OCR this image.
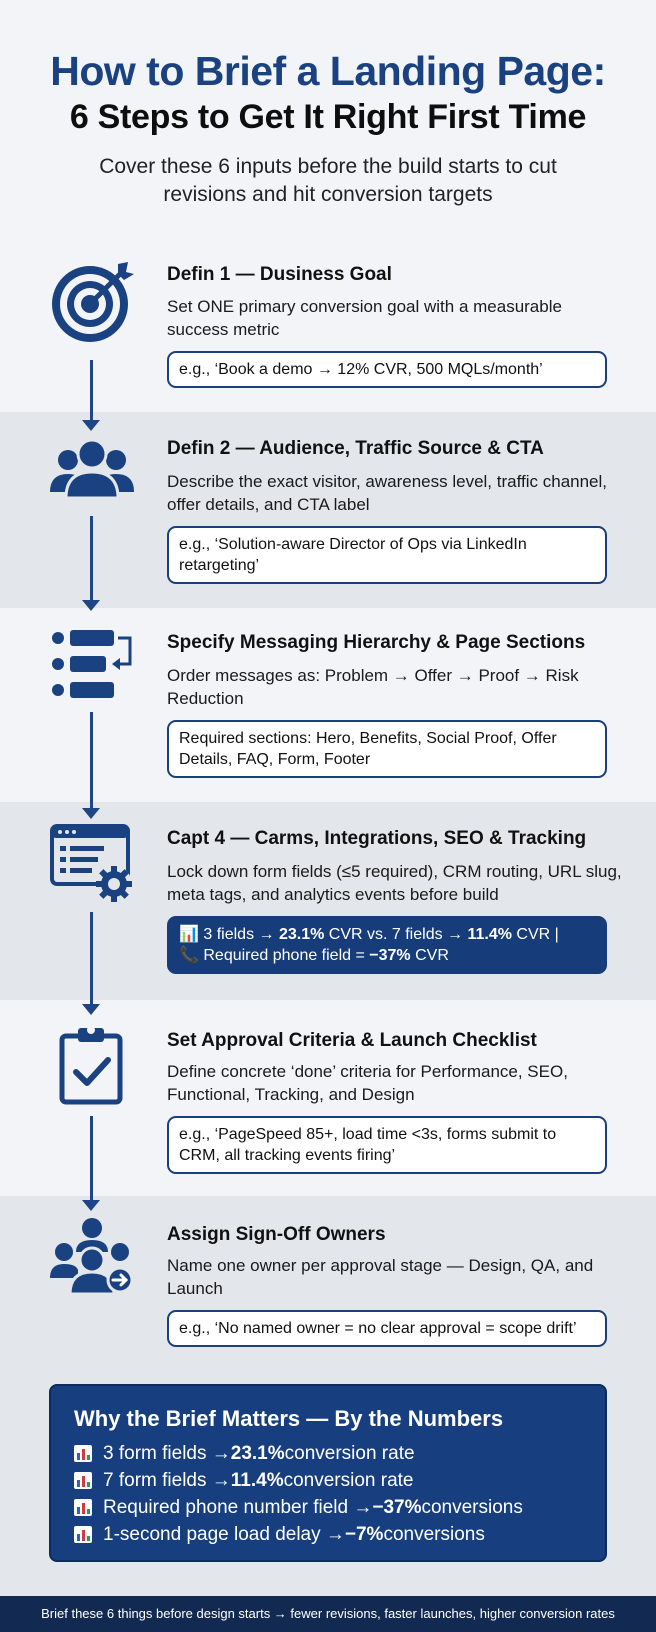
How to Brief a Landing Page:
6 Steps to Get It Right First Time
Cover these 6 inputs before the build starts to cut revisions and hit conversion targets
Defin 1 — Dusiness Goal
Set ONE primary conversion goal with a measurable success metric
e.g., ‘Book a demo → 12% CVR, 500 MQLs/month’
Defin 2 — Audience, Traffic Source & CTA
Describe the exact visitor, awareness level, traffic channel, offer details, and CTA label
e.g., ‘Solution-aware Director of Ops via LinkedIn retargeting’
Specify Messaging Hierarchy & Page Sections
Order messages as: Problem → Offer → Proof → Risk Reduction
Required sections: Hero, Benefits, Social Proof, Offer Details, FAQ, Form, Footer
Capt 4 — Carms, Integrations, SEO & Tracking
Lock down form fields (≤5 required), CRM routing, URL slug, meta tags, and analytics events before build
📊 3 fields → 23.1% CVR vs. 7 fields → 11.4% CVR |
📞 Required phone field = −37% CVR
Set Approval Criteria & Launch Checklist
Define concrete ‘done’ criteria for Performance, SEO, Functional, Tracking, and Design
e.g., ‘PageSpeed 85+, load time <3s, forms submit to CRM, all tracking events firing’
Assign Sign-Off Owners
Name one owner per approval stage — Design, QA, and Launch
e.g., ‘No named owner = no clear approval = scope drift’
Why the Brief Matters — By the Numbers
3 form fields → 23.1% conversion rate
7 form fields → 11.4% conversion rate
Required phone number field → −37% conversions
1-second page load delay → −7% conversions
Brief these 6 things before design starts → fewer revisions, faster launches, higher conversion rates
